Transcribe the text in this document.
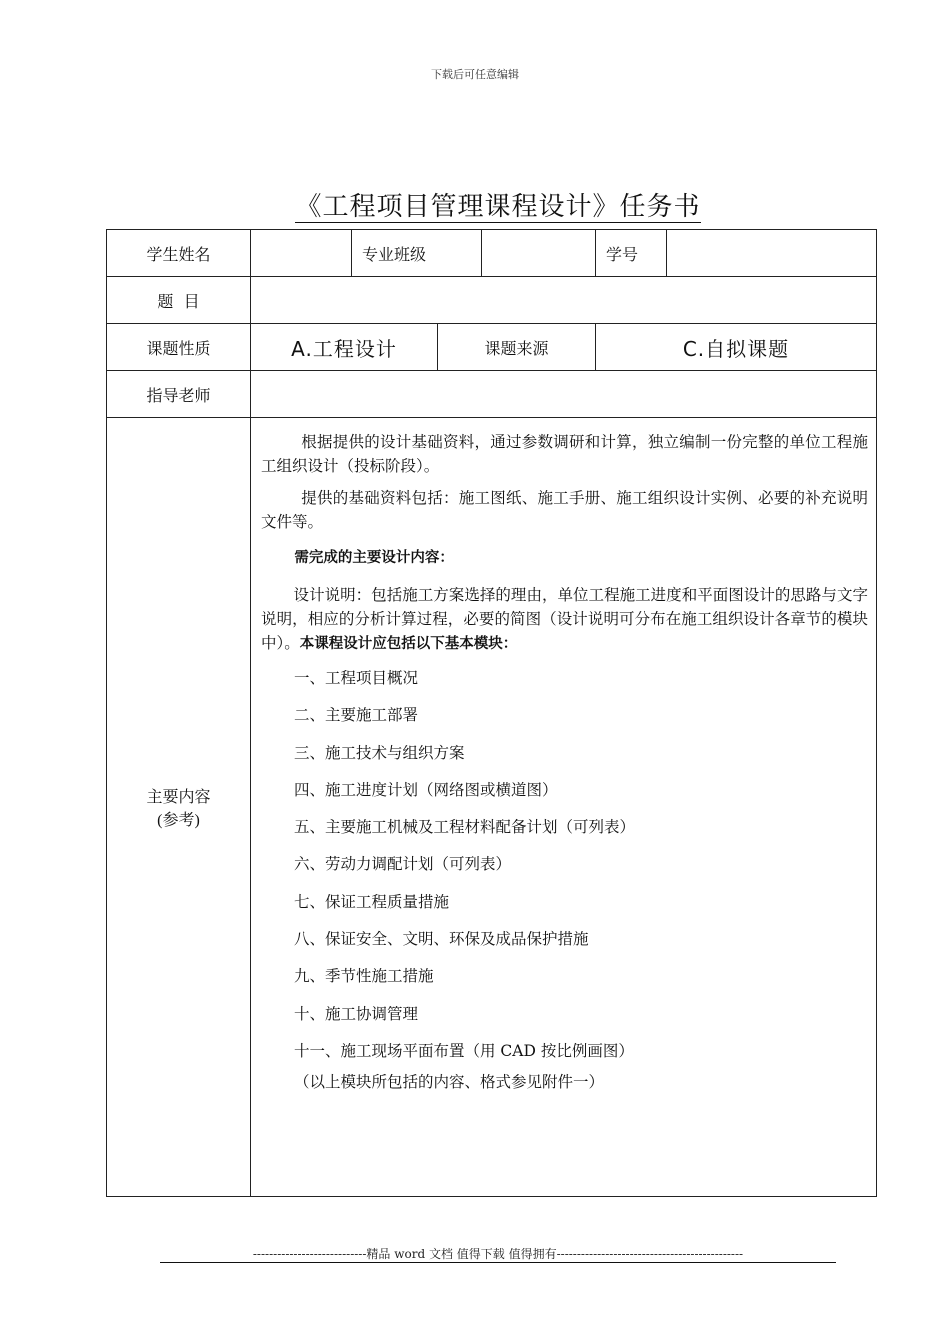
下载后可任意编辑
《工程项目管理课程设计》任务书
学生姓名	专业班级	学号
题  目
课题性质	A.工程设计	课题来源	C.自拟课题
指导老师
主要内容
(参考)

根据提供的设计基础资料，通过参数调研和计算，独立编制一份完整的单位工程施工组织设计（投标阶段）。

提供的基础资料包括：施工图纸、施工手册、施工组织设计实例、必要的补充说明文件等。

需完成的主要设计内容：

设计说明：包括施工方案选择的理由，单位工程施工进度和平面图设计的思路与文字说明，相应的分析计算过程，必要的简图（设计说明可分布在施工组织设计各章节的模块中）。本课程设计应包括以下基本模块：

一、工程项目概况
二、主要施工部署
三、施工技术与组织方案
四、施工进度计划（网络图或横道图）
五、主要施工机械及工程材料配备计划（可列表）
六、劳动力调配计划（可列表）
七、保证工程质量措施
八、保证安全、文明、环保及成品保护措施
九、季节性施工措施
十、施工协调管理
十一、施工现场平面布置（用 CAD 按比例画图）
（以上模块所包括的内容、格式参见附件一）
----------------------------精品 word 文档 值得下载 值得拥有----------------------------------------------
